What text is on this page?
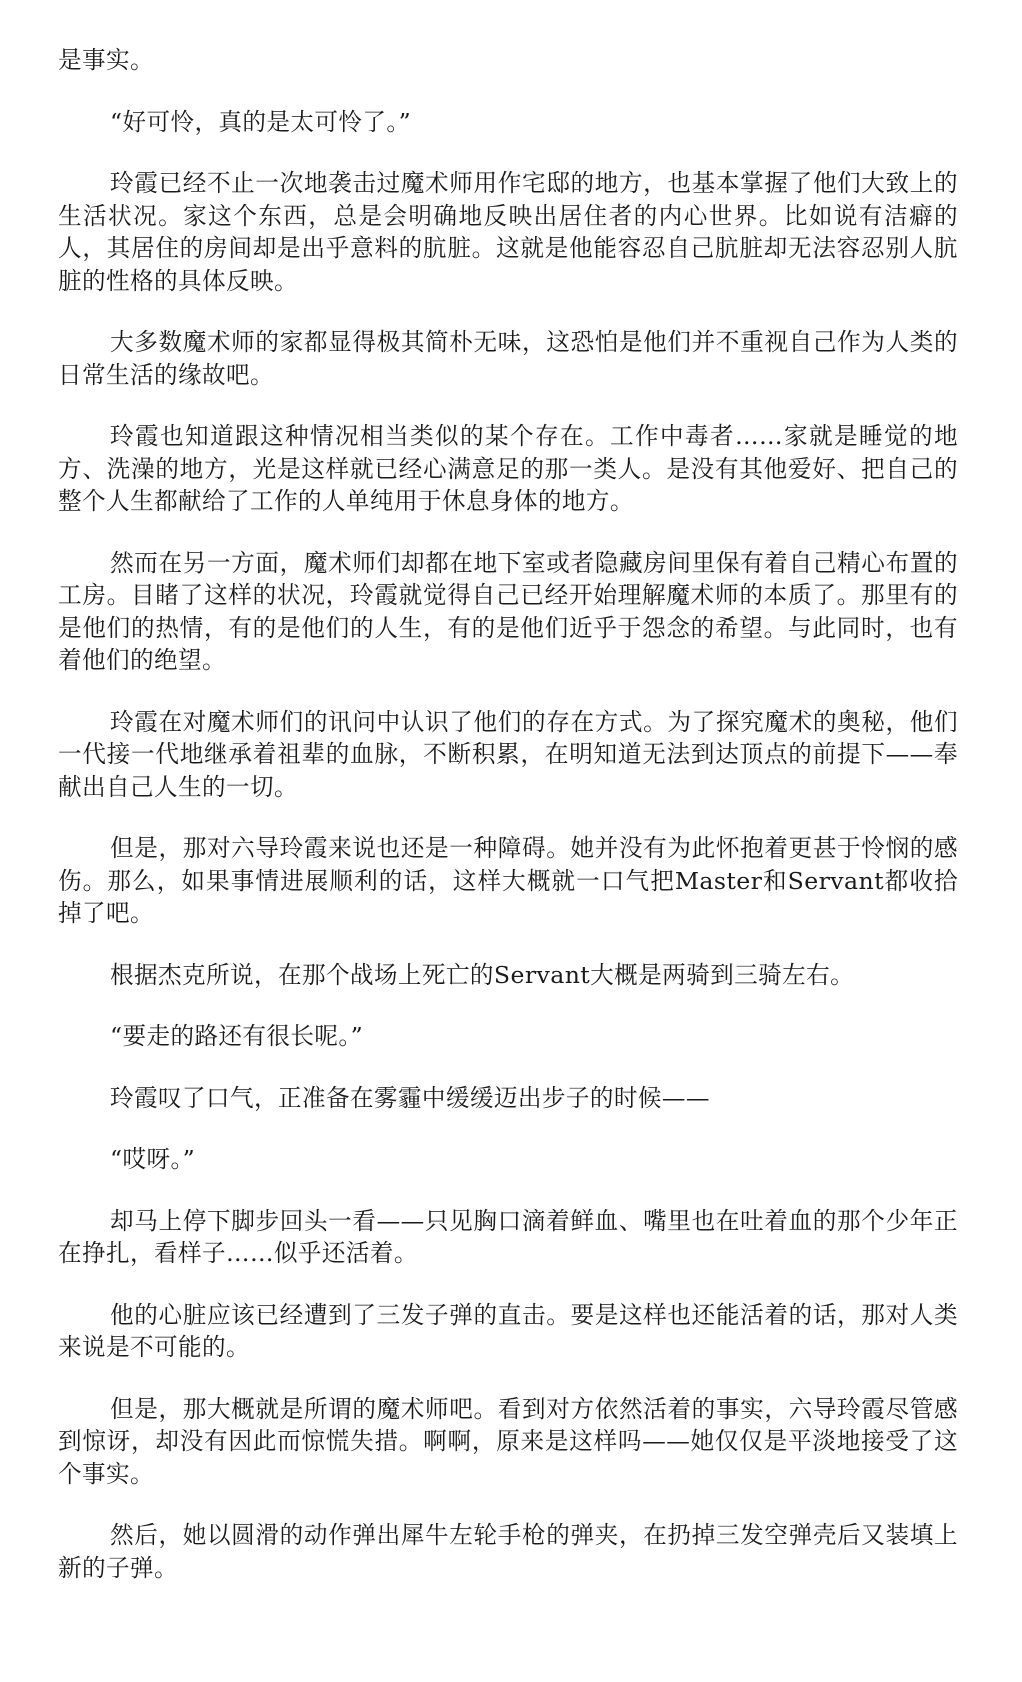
是事实。

“好可怜，真的是太可怜了。”

玲霞已经不止一次地袭击过魔术师用作宅邸的地方，也基本掌握了他们大致上的生活状况。家这个东西，总是会明确地反映出居住者的内心世界。比如说有洁癖的人，其居住的房间却是出乎意料的肮脏。这就是他能容忍自己肮脏却无法容忍别人肮脏的性格的具体反映。

大多数魔术师的家都显得极其简朴无味，这恐怕是他们并不重视自己作为人类的日常生活的缘故吧。

玲霞也知道跟这种情况相当类似的某个存在。工作中毒者……家就是睡觉的地方、洗澡的地方，光是这样就已经心满意足的那一类人。是没有其他爱好、把自己的整个人生都献给了工作的人单纯用于休息身体的地方。

然而在另一方面，魔术师们却都在地下室或者隐藏房间里保有着自己精心布置的工房。目睹了这样的状况，玲霞就觉得自己已经开始理解魔术师的本质了。那里有的是他们的热情，有的是他们的人生，有的是他们近乎于怨念的希望。与此同时，也有着他们的绝望。

玲霞在对魔术师们的讯问中认识了他们的存在方式。为了探究魔术的奥秘，他们一代接一代地继承着祖辈的血脉，不断积累，在明知道无法到达顶点的前提下——奉献出自己人生的一切。

但是，那对六导玲霞来说也还是一种障碍。她并没有为此怀抱着更甚于怜悯的感伤。那么，如果事情进展顺利的话，这样大概就一口气把Master和Servant都收拾掉了吧。

根据杰克所说，在那个战场上死亡的Servant大概是两骑到三骑左右。

“要走的路还有很长呢。”

玲霞叹了口气，正准备在雾霾中缓缓迈出步子的时候——

“哎呀。”

却马上停下脚步回头一看——只见胸口滴着鲜血、嘴里也在吐着血的那个少年正在挣扎，看样子……似乎还活着。

他的心脏应该已经遭到了三发子弹的直击。要是这样也还能活着的话，那对人类来说是不可能的。

但是，那大概就是所谓的魔术师吧。看到对方依然活着的事实，六导玲霞尽管感到惊讶，却没有因此而惊慌失措。啊啊，原来是这样吗——她仅仅是平淡地接受了这个事实。

然后，她以圆滑的动作弹出犀牛左轮手枪的弹夹，在扔掉三发空弹壳后又装填上新的子弹。
